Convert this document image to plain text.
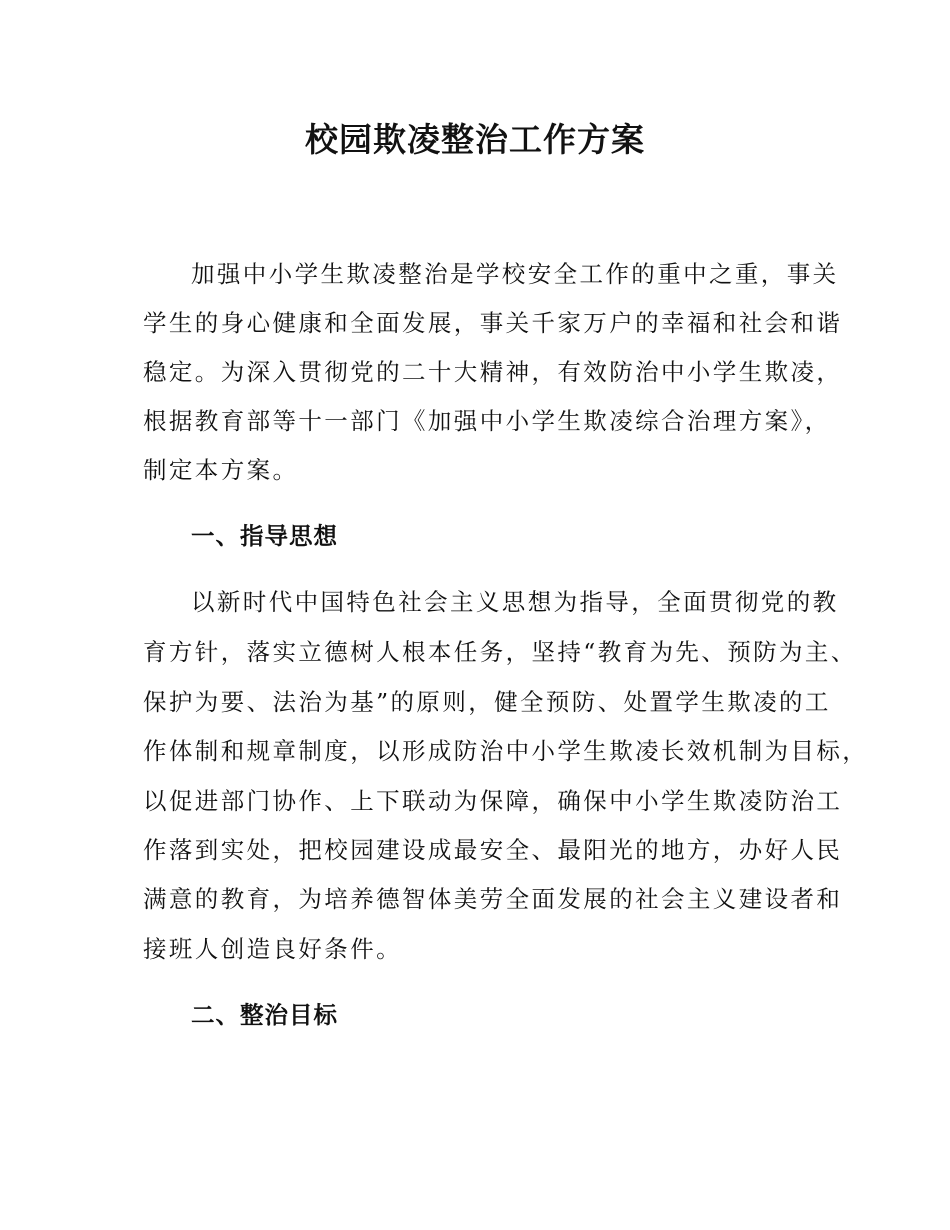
校园欺凌整治工作方案

加强中小学生欺凌整治是学校安全工作的重中之重，事关

学生的身心健康和全面发展，事关千家万户的幸福和社会和谐

稳定。为深入贯彻党的二十大精神，有效防治中小学生欺凌，

根据教育部等十一部门《加强中小学生欺凌综合治理方案》，

制定本方案。

一、指导思想

以新时代中国特色社会主义思想为指导，全面贯彻党的教

育方针，落实立德树人根本任务，坚持“教育为先、预防为主、

保护为要、法治为基”的原则，健全预防、处置学生欺凌的工

作体制和规章制度，以形成防治中小学生欺凌长效机制为目标，

以促进部门协作、上下联动为保障，确保中小学生欺凌防治工

作落到实处，把校园建设成最安全、最阳光的地方，办好人民

满意的教育，为培养德智体美劳全面发展的社会主义建设者和

接班人创造良好条件。

二、整治目标
